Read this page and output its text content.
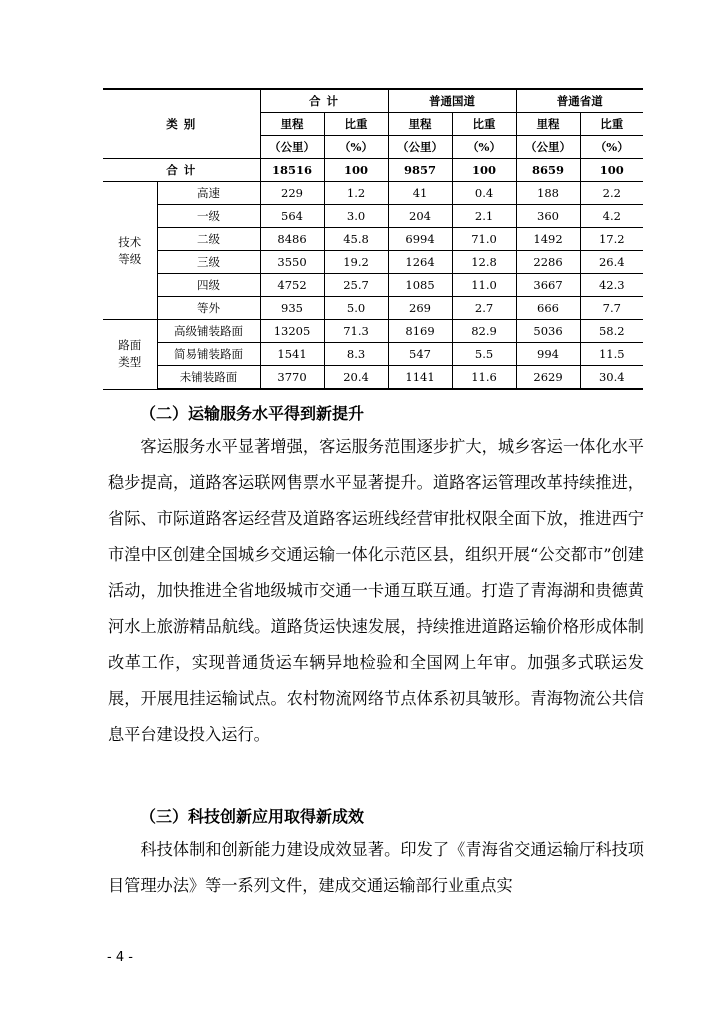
类 别		合 计		普通国道		普通省道	
		里程	比重	里程	比重	里程	比重
		（公里）	（%）	（公里）	（%）	（公里）	（%）
合 计		18516	100	9857	100	8659	100
技术
等级	高速	229	1.2	41	0.4	188	2.2
	一级	564	3.0	204	2.1	360	4.2
	二级	8486	45.8	6994	71.0	1492	17.2
	三级	3550	19.2	1264	12.8	2286	26.4
	四级	4752	25.7	1085	11.0	3667	42.3
	等外	935	5.0	269	2.7	666	7.7
路面
类型	高级铺装路面	13205	71.3	8169	82.9	5036	58.2
	简易铺装路面	1541	8.3	547	5.5	994	11.5
	未铺装路面	3770	20.4	1141	11.6	2629	30.4
（二）运输服务水平得到新提升

客运服务水平显著增强，客运服务范围逐步扩大，城乡客运一体化水平稳步提高，道路客运联网售票水平显著提升。道路客运管理改革持续推进，省际、市际道路客运经营及道路客运班线经营审批权限全面下放，推进西宁市湟中区创建全国城乡交通运输一体化示范区县，组织开展“公交都市”创建活动，加快推进全省地级城市交通一卡通互联互通。打造了青海湖和贵德黄河水上旅游精品航线。道路货运快速发展，持续推进道路运输价格形成体制改革工作，实现普通货运车辆异地检验和全国网上年审。加强多式联运发展，开展甩挂运输试点。农村物流网络节点体系初具皱形。青海物流公共信息平台建设投入运行。

（三）科技创新应用取得新成效

科技体制和创新能力建设成效显著。印发了《青海省交通运输厅科技项目管理办法》等一系列文件，建成交通运输部行业重点实

- 4 -
